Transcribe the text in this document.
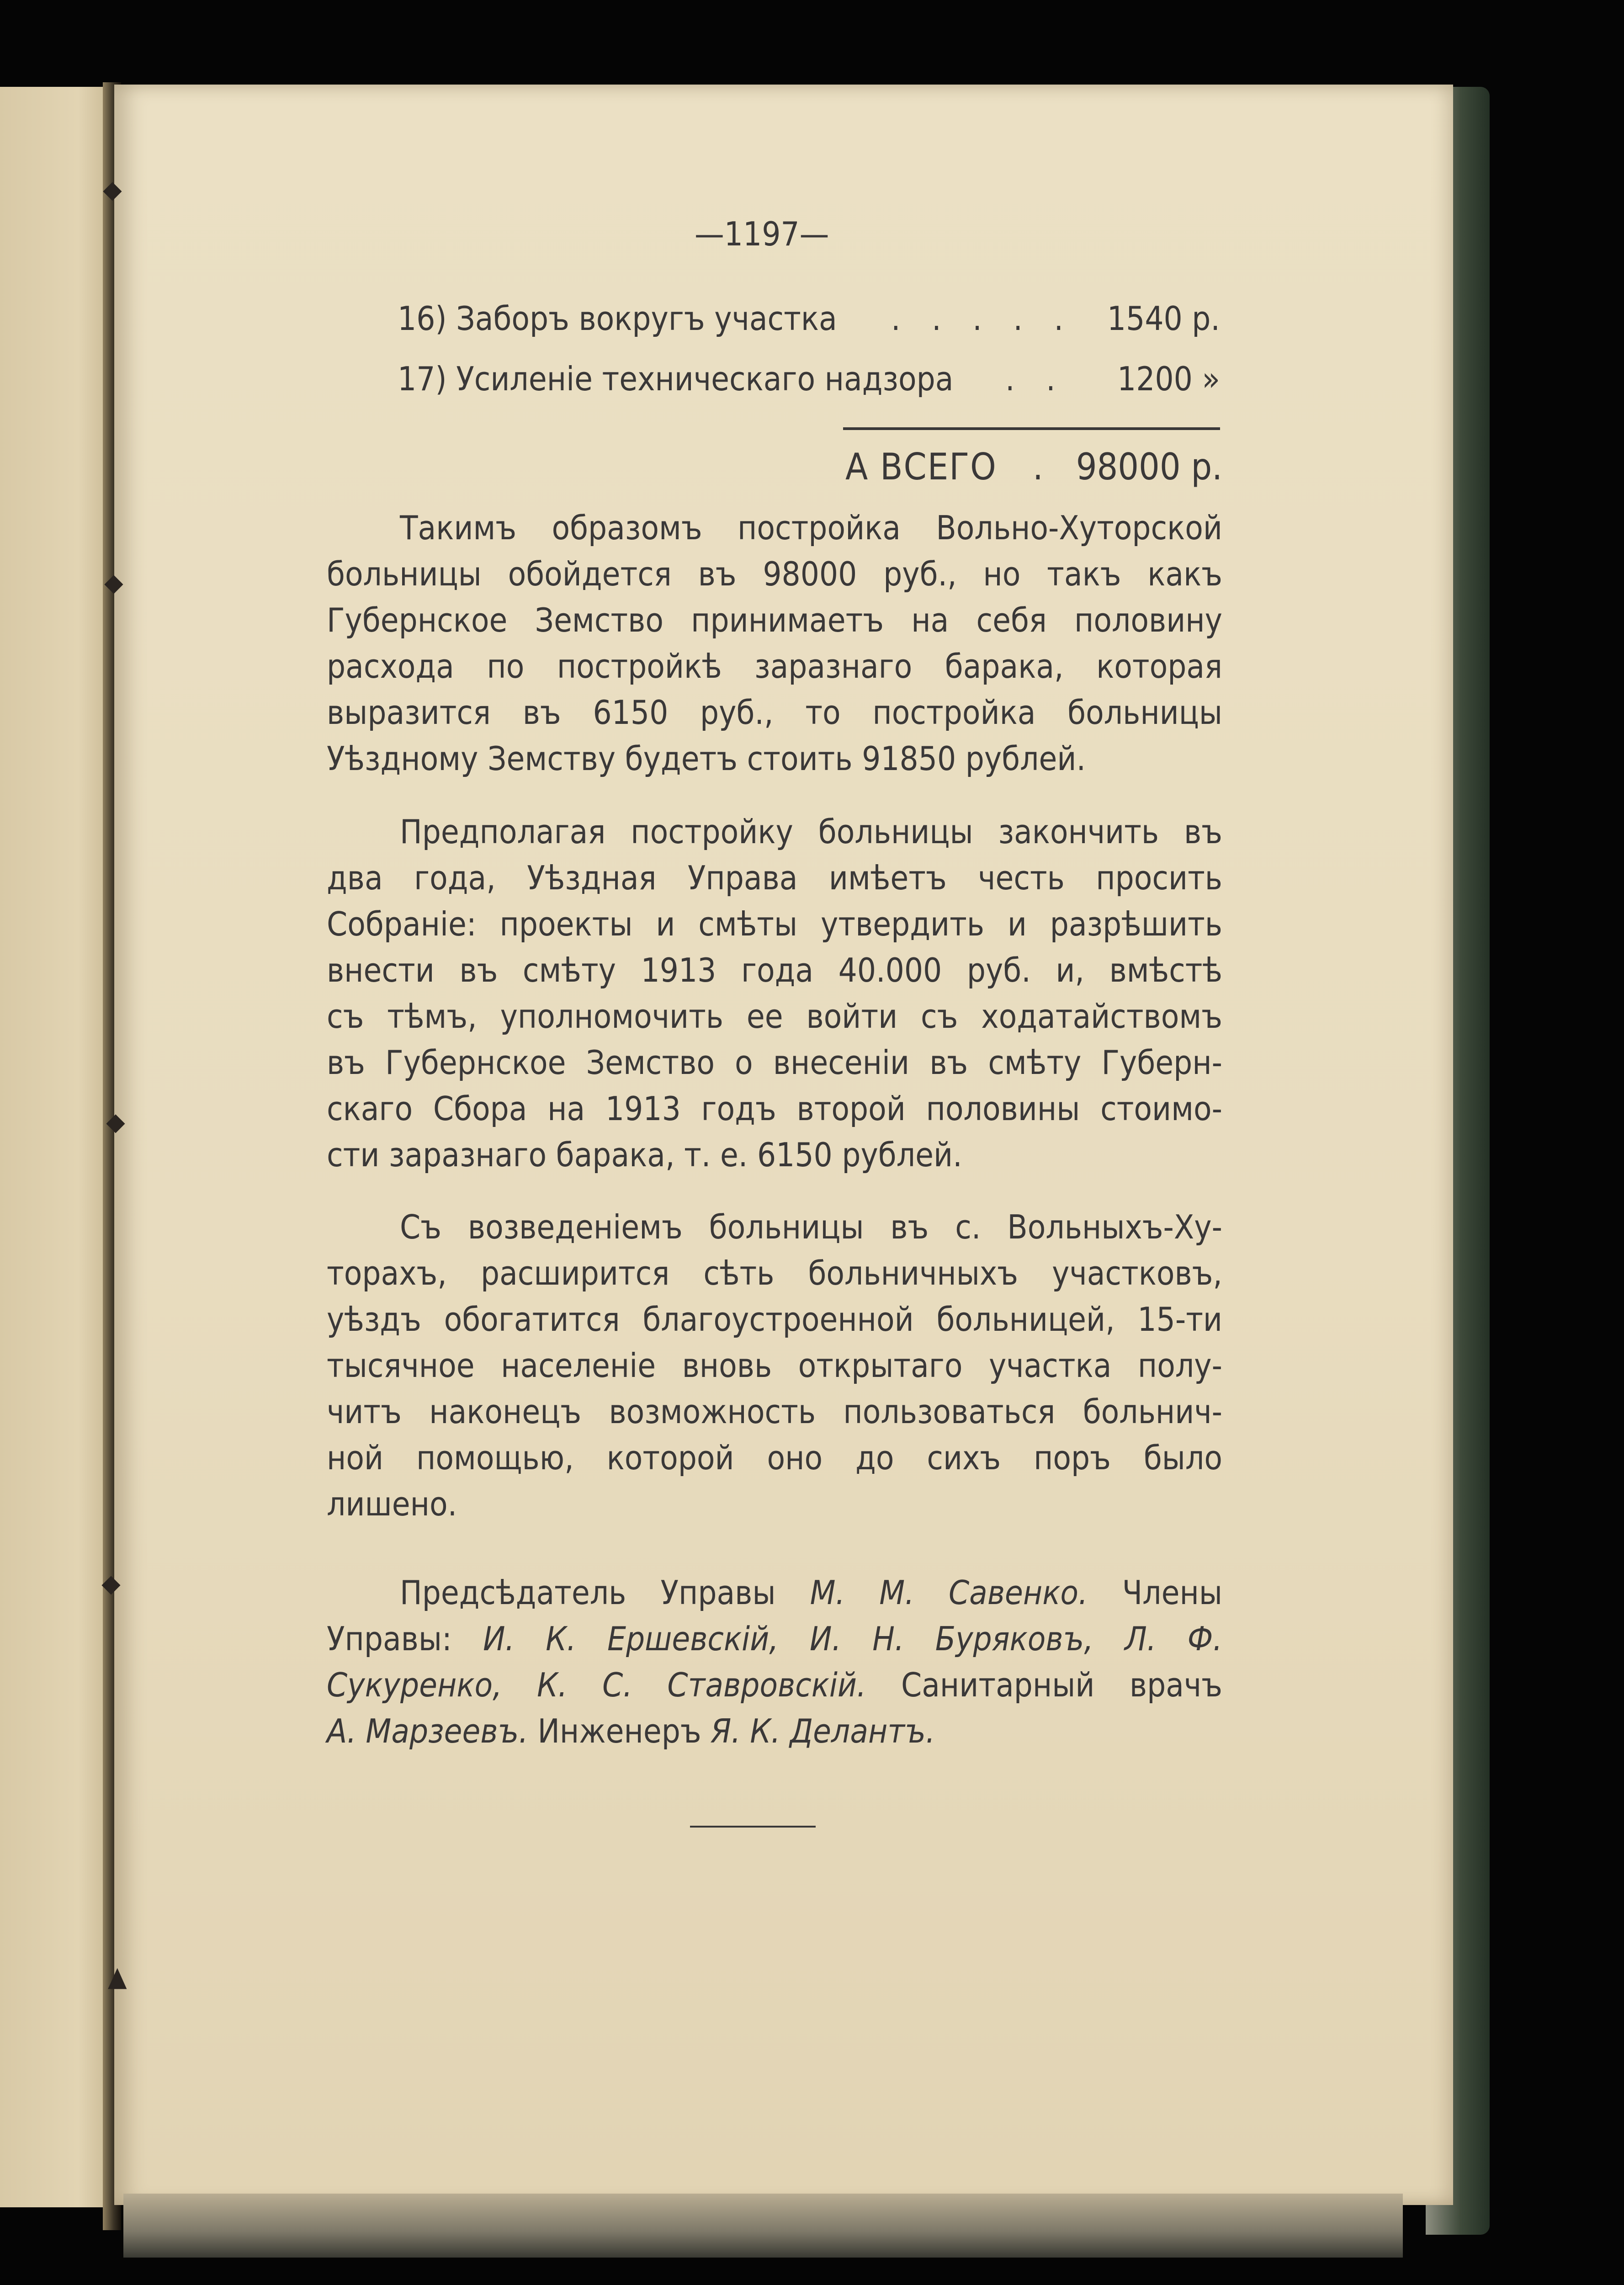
⬥
⬥
⬥
⬥
▲
—1197—
16) Заборъ вокругъ участка . . . . . 1540 р.
17) Усиленіе техническаго надзора . .	1200 »
А ВСЕГО . 98000 р.
Такимъ образомъ постройка Вольно-Хуторской
больницы обойдется въ 98000 руб., но такъ какъ
Губернское Земство принимаетъ на себя половину
расхода по постройкѣ заразнаго барака, которая
выразится въ 6150 руб., то постройка больницы
Уѣздному Земству будетъ стоить 91850 рублей.
Предполагая постройку больницы закончить въ
два года, Уѣздная Управа имѣетъ честь просить
Собраніе: проекты и смѣты утвердить и разрѣшить
внести въ смѣту 1913 года 40.000 руб. и, вмѣстѣ
съ тѣмъ, уполномочить ее войти съ ходатайствомъ
въ Губернское Земство о внесеніи въ смѣту Губерн-
скаго Сбора на 1913 годъ второй половины стоимо-
сти заразнаго барака, т. е. 6150 рублей.
Съ возведеніемъ больницы въ с. Вольныхъ-Ху-
торахъ, расширится сѣть больничныхъ участковъ,
уѣздъ обогатится благоустроенной больницей, 15-ти
тысячное населеніе вновь открытаго участка полу-
читъ наконецъ возможность пользоваться больнич-
ной помощью, которой оно до сихъ поръ было
лишено.
Предсѣдатель Управы М. М. Савенко. Члены
Управы: И. К. Ершевскій, И. Н. Буряковъ, Л. Ф.
Сукуренко, К. С. Ставровскій. Санитарный врачъ
А. Марзеевъ. Инженеръ Я. К. Делантъ.
